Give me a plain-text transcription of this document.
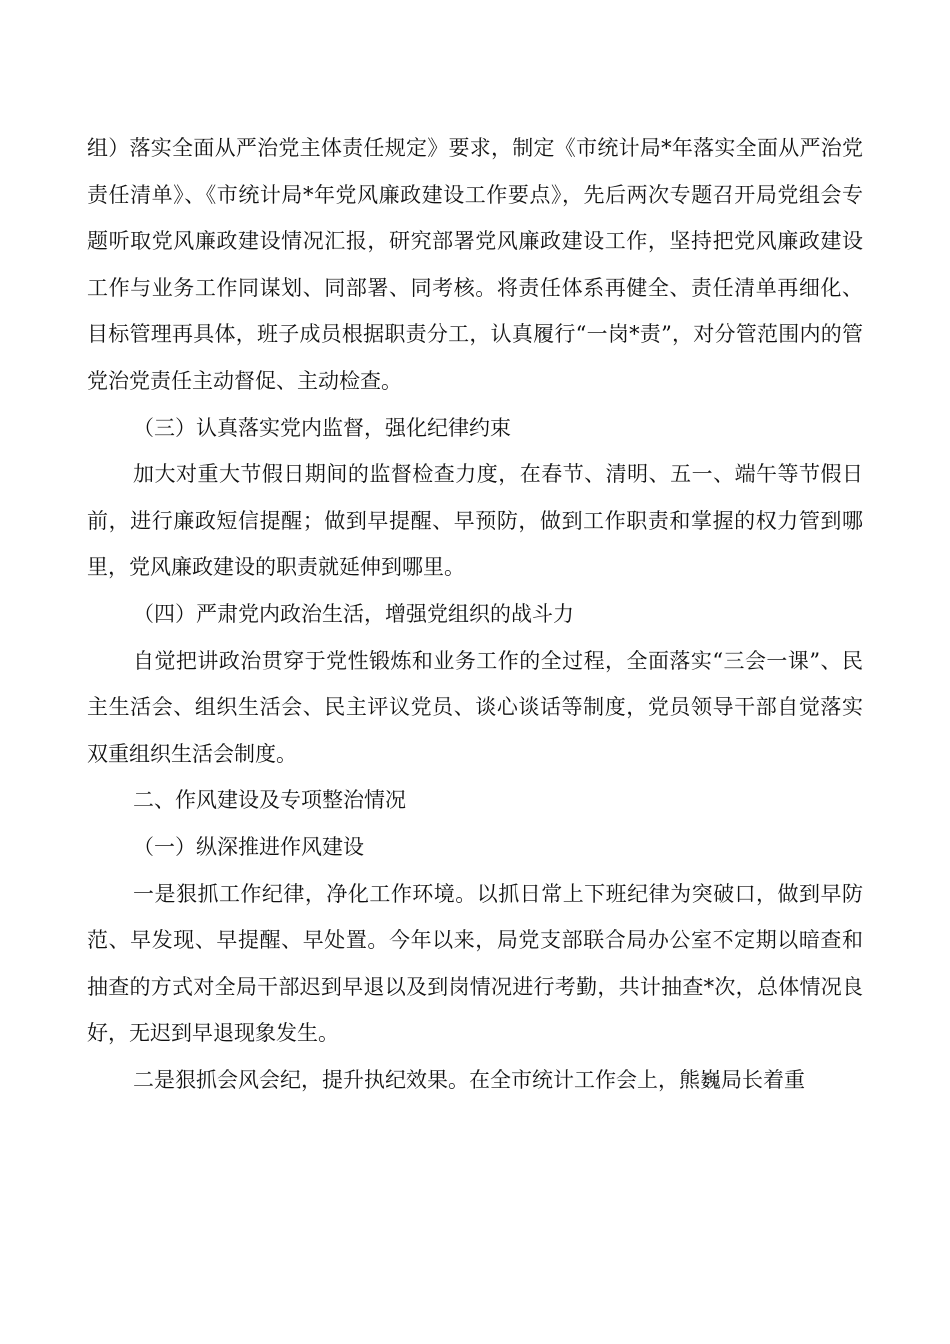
组）落实全面从严治党主体责任规定》要求，制定《市统计局*年落实全面从严治党责任清单》、《市统计局*年党风廉政建设工作要点》，先后两次专题召开局党组会专题听取党风廉政建设情况汇报，研究部署党风廉政建设工作，坚持把党风廉政建设工作与业务工作同谋划、同部署、同考核。将责任体系再健全、责任清单再细化、目标管理再具体，班子成员根据职责分工，认真履行“一岗*责”，对分管范围内的管党治党责任主动督促、主动检查。

（三）认真落实党内监督，强化纪律约束

加大对重大节假日期间的监督检查力度，在春节、清明、五一、端午等节假日前，进行廉政短信提醒；做到早提醒、早预防，做到工作职责和掌握的权力管到哪里，党风廉政建设的职责就延伸到哪里。

（四）严肃党内政治生活，增强党组织的战斗力

自觉把讲政治贯穿于党性锻炼和业务工作的全过程，全面落实“三会一课”、民主生活会、组织生活会、民主评议党员、谈心谈话等制度，党员领导干部自觉落实双重组织生活会制度。

二、作风建设及专项整治情况

（一）纵深推进作风建设

一是狠抓工作纪律，净化工作环境。以抓日常上下班纪律为突破口，做到早防范、早发现、早提醒、早处置。今年以来，局党支部联合局办公室不定期以暗查和抽查的方式对全局干部迟到早退以及到岗情况进行考勤，共计抽查*次，总体情况良好，无迟到早退现象发生。

二是狠抓会风会纪，提升执纪效果。在全市统计工作会上，熊巍局长着重
